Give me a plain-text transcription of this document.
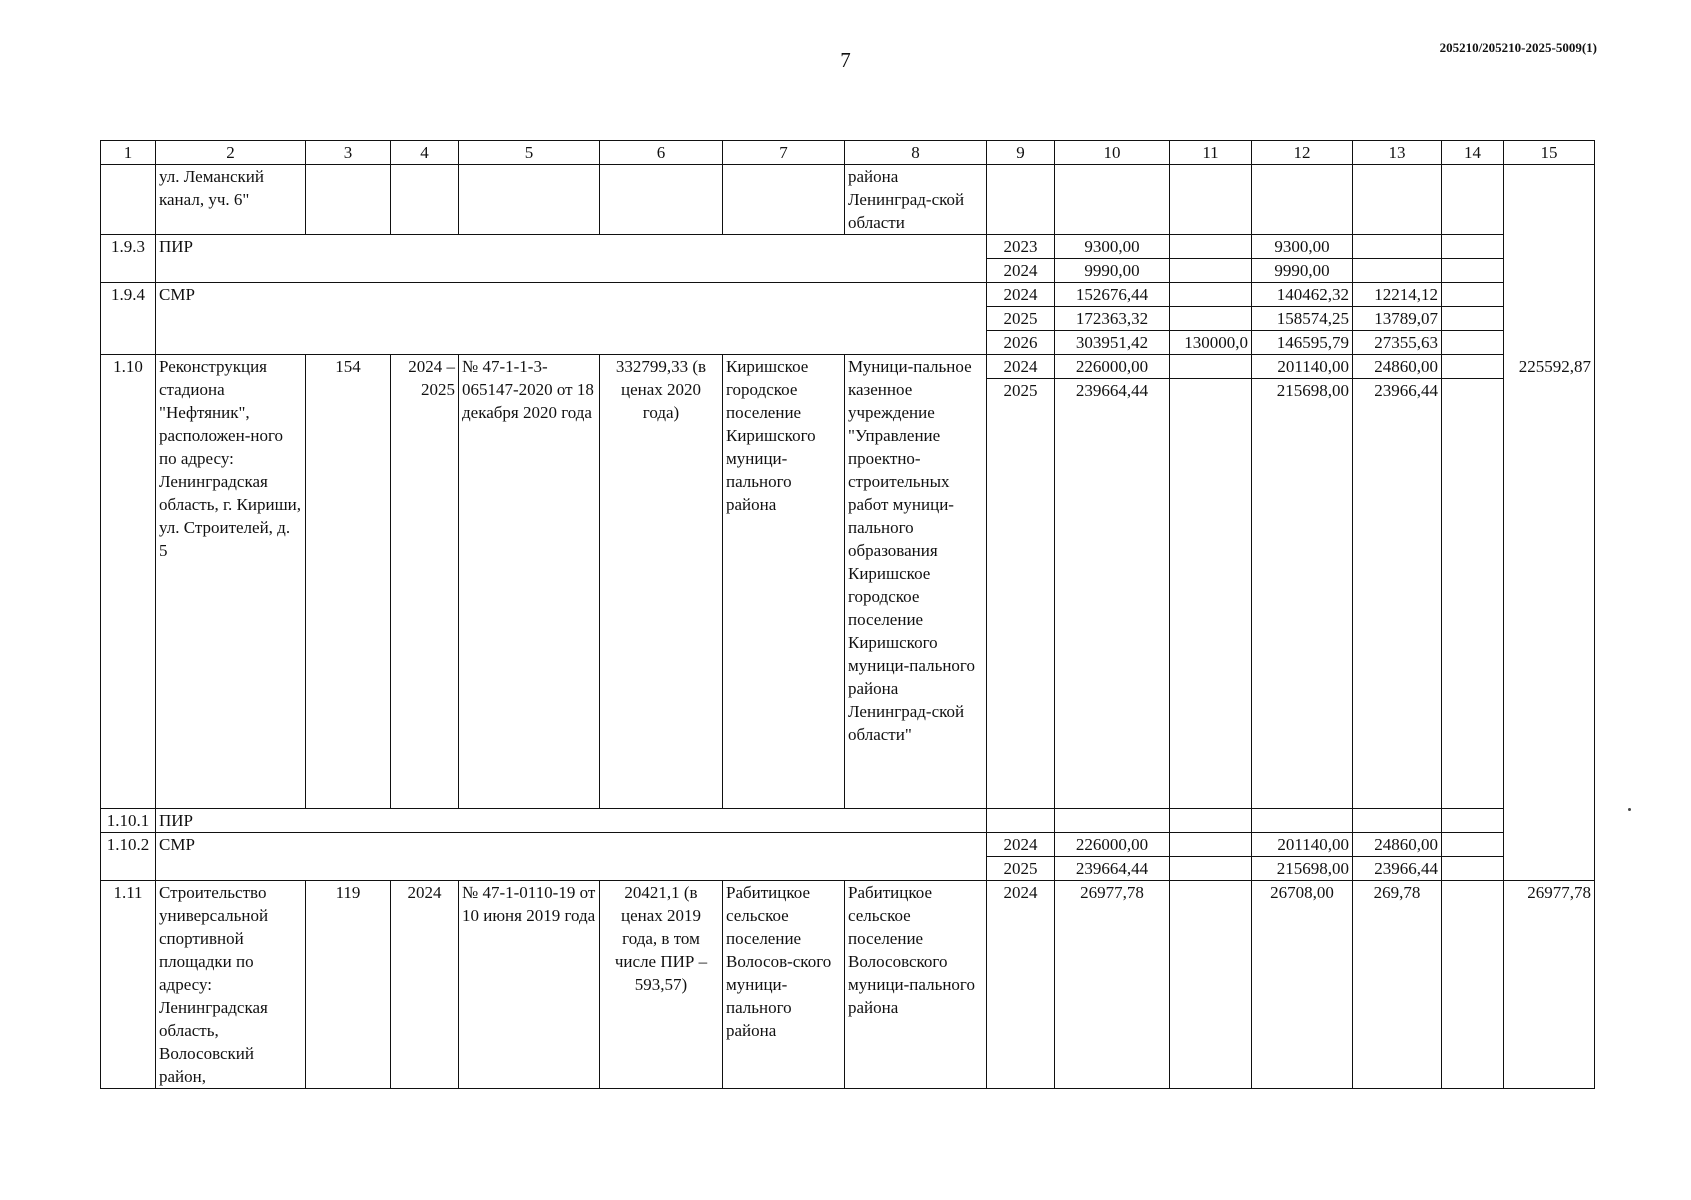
7
205210/205210-2025-5009(1)
1	2	3	4	5	6	7	8	9	10	11	12	13	14	15
	ул. Леманский канал, уч. 6"						района Ленинград-ской области							
1.9.3	ПИР							2023	9300,00		9300,00			
								2024	9990,00		9990,00			
1.9.4	СМР							2024	152676,44		140462,32	12214,12		
								2025	172363,32		158574,25	13789,07		
								2026	303951,42	130000,0	146595,79	27355,63		
1.10	Реконструкция стадиона "Нефтяник", расположен-ного по адресу: Ленинградская область, г. Кириши, ул. Строителей, д. 5	154	2024 – 2025	№ 47-1-1-3-065147-2020 от 18 декабря 2020 года	332799,33 (в ценах 2020 года)	Киришское городское поселение Киришского муници-пального района	Муници-пальное казенное учреждение "Управление проектно-строительных работ муници-пального образования Киришское городское поселение Киришского муници-пального района Ленинград-ской области"	2024	226000,00		201140,00	24860,00		225592,87
								2025	239664,44		215698,00	23966,44		
1.10.1	ПИР													
1.10.2	СМР							2024	226000,00		201140,00	24860,00		
								2025	239664,44		215698,00	23966,44		
1.11	Строительство универсальной спортивной площадки по адресу: Ленинградская область, Волосовский район,	119	2024	№ 47-1-0110-19 от 10 июня 2019 года	20421,1 (в ценах 2019 года, в том числе ПИР – 593,57)	Рабитицкое сельское поселение Волосов-ского муници-пального района	Рабитицкое сельское поселение Волосовского муници-пального района	2024	26977,78		26708,00	269,78		26977,78
